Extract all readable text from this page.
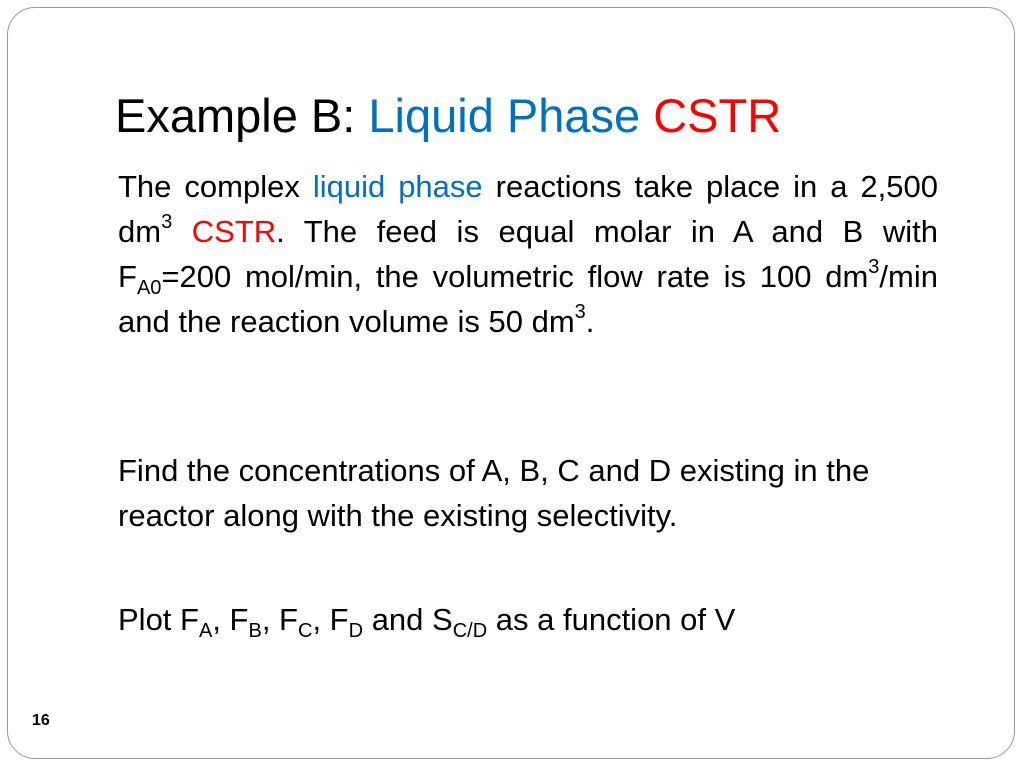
Example B: Liquid Phase CSTR
The complex liquid phase reactions take place in a 2,500 $dm^3$ CSTR. The feed is equal molar in A and B with $F_{A0}=200$ mol/min, the volumetric flow rate is 100 $dm^3/\min$ and the reaction volume is 50 $dm^3$.
Find the concentrations of A, B, C and D existing in the reactor along with the existing selectivity.
Plot $F_A$, $F_B$, $F_C$, $F_D$ and $S_{C/D}$ as a function of V
16
